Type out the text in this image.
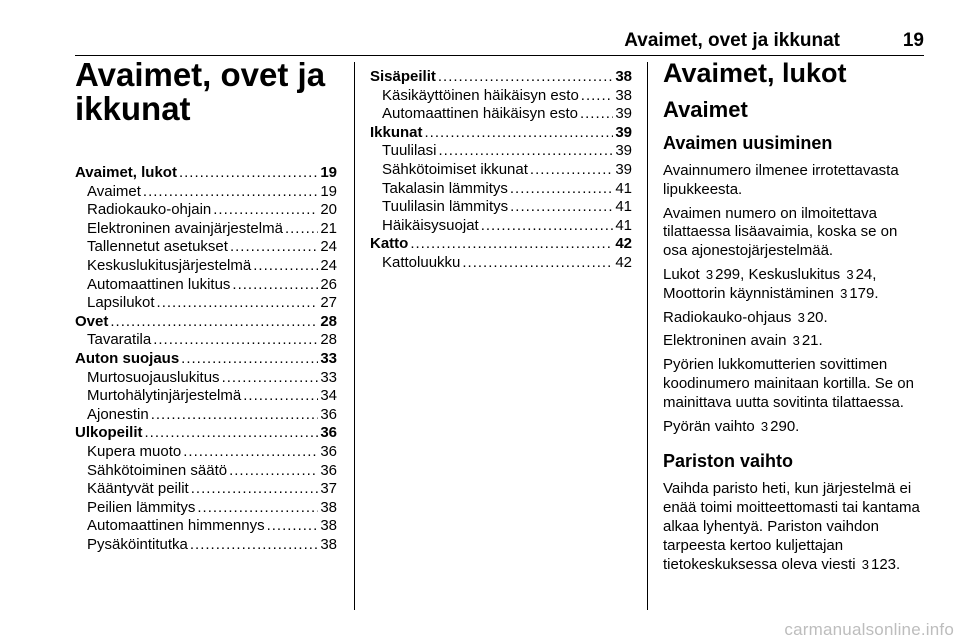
Avaimet, ovet ja ikkunat	19
Avaimet, ovet ja ikkunat
Avaimet, lukot .....	19
Avaimet .....	19
Radiokauko-ohjain .....	20
Elektroninen avainjärjestelmä ..... 21
Tallennetut asetukset .....	24
Keskuslukitusjärjestelmä .....	24
Automaattinen lukitus .....	26
Lapsilukot .....	27
Ovet .....	28
Tavaratila .....	28
Auton suojaus .....	33
Murtosuojauslukitus .....	33
Murtohälytinjärjestelmä .....	34
Ajonestin .....	36
Ulkopeilit .....	36
Kupera muoto .....	36
Sähkötoiminen säätö .....	36
Kääntyvät peilit .....	37
Peilien lämmitys .....	38
Automaattinen himmennys .....	38
Pysäköintitutka .....	38
Sisäpeilit .....	38
Käsikäyttöinen häikäisyn esto ..... 38
Automaattinen häikäisyn esto ..... 39
Ikkunat .....	39
Tuulilasi .....	39
Sähkötoimiset ikkunat .....	39
Takalasin lämmitys .....	41
Tuulilasin lämmitys .....	41
Häikäisysuojat .....	41
Katto .....	42
Kattoluukku .....	42
Avaimet, lukot
Avaimet
Avaimen uusiminen
Avainnumero ilmenee irrotettavasta lipukkeesta.
Avaimen numero on ilmoitettava tilattaessa lisäavaimia, koska se on osa ajonestojärjestelmää.
Lukot 3 299, Keskuslukitus 3 24, Moottorin käynnistäminen 3 179.
Radiokauko-ohjaus 3 20.
Elektroninen avain 3 21.
Pyörien lukkomutterien sovittimen koodinumero mainitaan kortilla. Se on mainittava uutta sovitinta tilattaessa.
Pyörän vaihto 3 290.
Pariston vaihto
Vaihda paristo heti, kun järjestelmä ei enää toimi moitteettomasti tai kantama alkaa lyhentyä. Pariston vaihdon tarpeesta kertoo kuljettajan tietokeskuksessa oleva viesti 3 123.
carmanualsonline.info
